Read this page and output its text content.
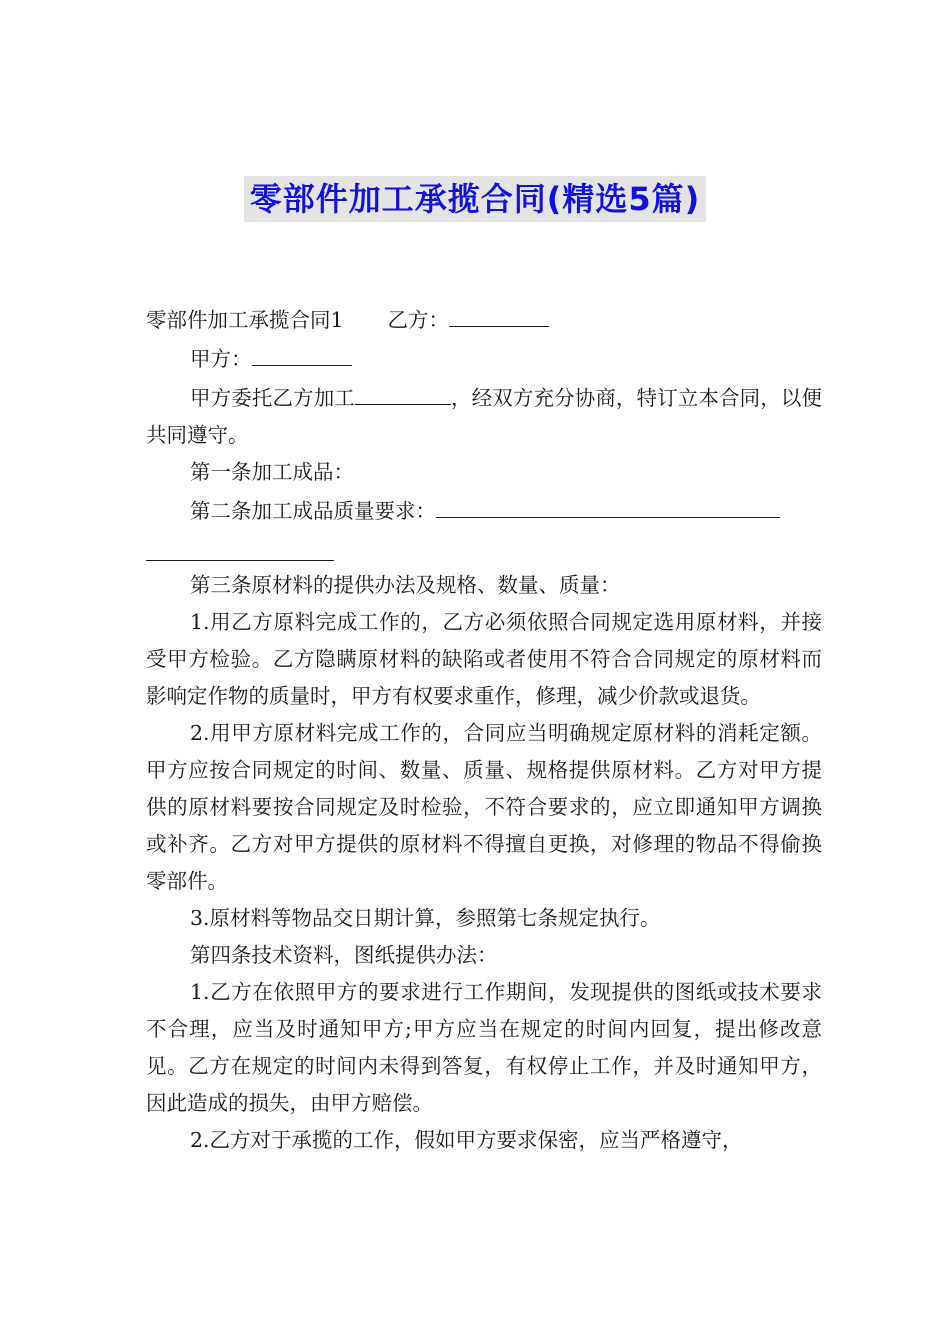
零部件加工承揽合同(精选5篇)

零部件加工承揽合同1 乙方：

甲方：

甲方委托乙方加工	，经双方充分协商，特订立本合同，以便共同遵守。

第一条加工成品：

第二条加工成品质量要求：

第三条原材料的提供办法及规格、数量、质量：

1.用乙方原料完成工作的，乙方必须依照合同规定选用原材料，并接受甲方检验。乙方隐瞒原材料的缺陷或者使用不符合合同规定的原材料而影响定作物的质量时，甲方有权要求重作，修理，减少价款或退货。

2.用甲方原材料完成工作的，合同应当明确规定原材料的消耗定额。甲方应按合同规定的时间、数量、质量、规格提供原材料。乙方对甲方提供的原材料要按合同规定及时检验，不符合要求的，应立即通知甲方调换或补齐。乙方对甲方提供的原材料不得擅自更换，对修理的物品不得偷换零部件。

3.原材料等物品交日期计算，参照第七条规定执行。

第四条技术资料，图纸提供办法：

1.乙方在依照甲方的要求进行工作期间，发现提供的图纸或技术要求不合理，应当及时通知甲方;甲方应当在规定的时间内回复，提出修改意见。乙方在规定的时间内未得到答复，有权停止工作，并及时通知甲方，因此造成的损失，由甲方赔偿。

2.乙方对于承揽的工作，假如甲方要求保密，应当严格遵守，
